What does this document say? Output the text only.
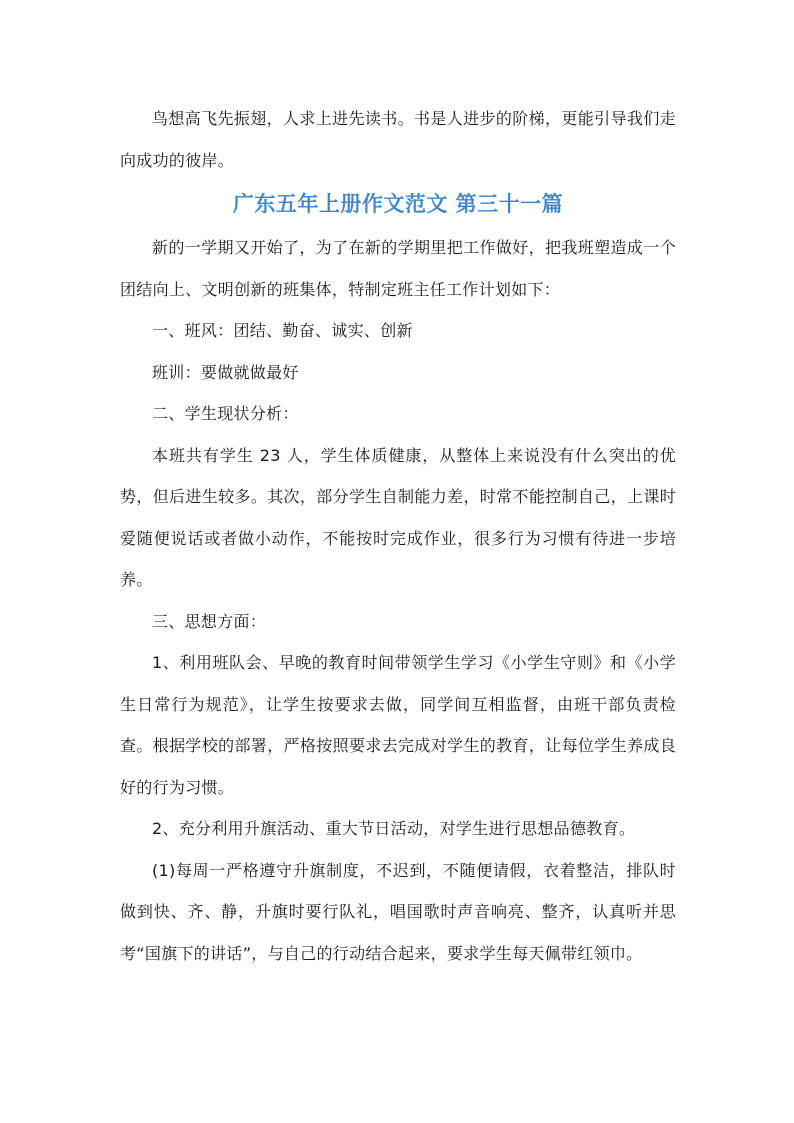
鸟想高飞先振翅，人求上进先读书。书是人进步的阶梯，更能引导我们走向成功的彼岸。

广东五年上册作文范文 第三十一篇

新的一学期又开始了，为了在新的学期里把工作做好，把我班塑造成一个团结向上、文明创新的班集体，特制定班主任工作计划如下：

一、班风：团结、勤奋、诚实、创新

班训：要做就做最好

二、学生现状分析：

本班共有学生 23 人，学生体质健康，从整体上来说没有什么突出的优势，但后进生较多。其次，部分学生自制能力差，时常不能控制自己，上课时爱随便说话或者做小动作，不能按时完成作业，很多行为习惯有待进一步培养。

三、思想方面：

1、利用班队会、早晚的教育时间带领学生学习《小学生守则》和《小学生日常行为规范》，让学生按要求去做，同学间互相监督，由班干部负责检查。根据学校的部署，严格按照要求去完成对学生的教育，让每位学生养成良好的行为习惯。

2、充分利用升旗活动、重大节日活动，对学生进行思想品德教育。

(1)每周一严格遵守升旗制度，不迟到，不随便请假，衣着整洁，排队时做到快、齐、静，升旗时要行队礼，唱国歌时声音响亮、整齐，认真听并思考“国旗下的讲话”，与自己的行动结合起来，要求学生每天佩带红领巾。
